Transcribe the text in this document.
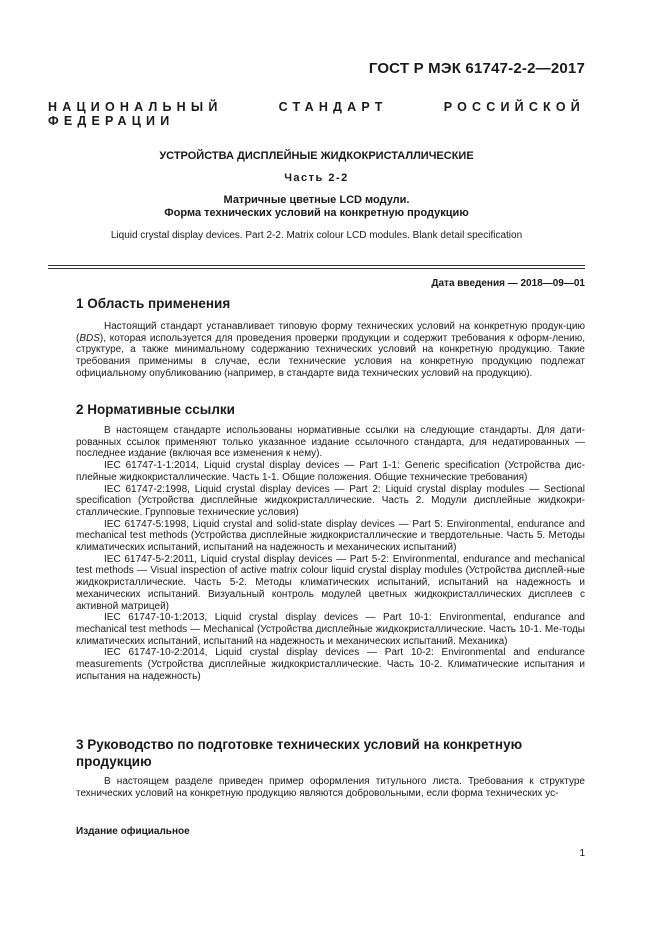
ГОСТ Р МЭК 61747-2-2—2017
НАЦИОНАЛЬНЫЙ СТАНДАРТ РОССИЙСКОЙ ФЕДЕРАЦИИ
УСТРОЙСТВА ДИСПЛЕЙНЫЕ ЖИДКОКРИСТАЛЛИЧЕСКИЕ
Часть 2-2
Матричные цветные LCD модули.
Форма технических условий на конкретную продукцию
Liquid crystal display devices. Part 2-2. Matrix colour LCD modules. Blank detail specification
Дата введения — 2018—09—01
1 Область применения

Настоящий стандарт устанавливает типовую форму технических условий на конкретную продук-цию (BDS), которая используется для проведения проверки продукции и содержит требования к оформ-лению, структуре, а также минимальному содержанию технических условий на конкретную продукцию. Такие требования применимы в случае, если технические условия на конкретную продукцию подлежат официальному опубликованию (например, в стандарте вида технических условий на продукцию).

2 Нормативные ссылки

В настоящем стандарте использованы нормативные ссылки на следующие стандарты. Для дати-рованных ссылок применяют только указанное издание ссылочного стандарта, для недатированных — последнее издание (включая все изменения к нему).

IEC 61747-1-1:2014, Liquid crystal display devices — Part 1-1: Generic specification (Устройства дис-плейные жидкокристаллические. Часть 1-1. Общие положения. Общие технические требования)

IEC 61747-2:1998, Liquid crystal display devices — Part 2: Liquid crystal display modules — Sectional specification (Устройства дисплейные жидкокристаллические. Часть 2. Модули дисплейные жидкокри-сталлические. Групповые технические условия)

IEC 61747-5:1998, Liquid crystal and solid-state display devices — Part 5: Environmental, endurance and mechanical test methods (Устройства дисплейные жидкокристаллические и твердотельные. Часть 5. Методы климатических испытаний, испытаний на надежность и механических испытаний)

IEC 61747-5-2:2011, Liquid crystal display devices — Part 5-2: Environmental, endurance and mechanical test methods — Visual inspection of active matrix colour liquid crystal display modules (Устройства дисплей-ные жидкокристаллические. Часть 5-2. Методы климатических испытаний, испытаний на надежность и механических испытаний. Визуальный контроль модулей цветных жидкокристаллических дисплеев с активной матрицей)

IEC 61747-10-1:2013, Liquid crystal display devices — Part 10-1: Environmental, endurance and mechanical test methods — Mechanical (Устройства дисплейные жидкокристаллические. Часть 10-1. Ме-тоды климатических испытаний, испытаний на надежность и механических испытаний. Механика)

IEC 61747-10-2:2014, Liquid crystal display devices — Part 10-2: Environmental and endurance measurements (Устройства дисплейные жидкокристаллические. Часть 10-2. Климатические испытания и испытания на надежность)

3 Руководство по подготовке технических условий на конкретную продукцию

В настоящем разделе приведен пример оформления титульного листа. Требования к структуре технических условий на конкретную продукцию являются добровольными, если форма технических ус-

Издание официальное
1
